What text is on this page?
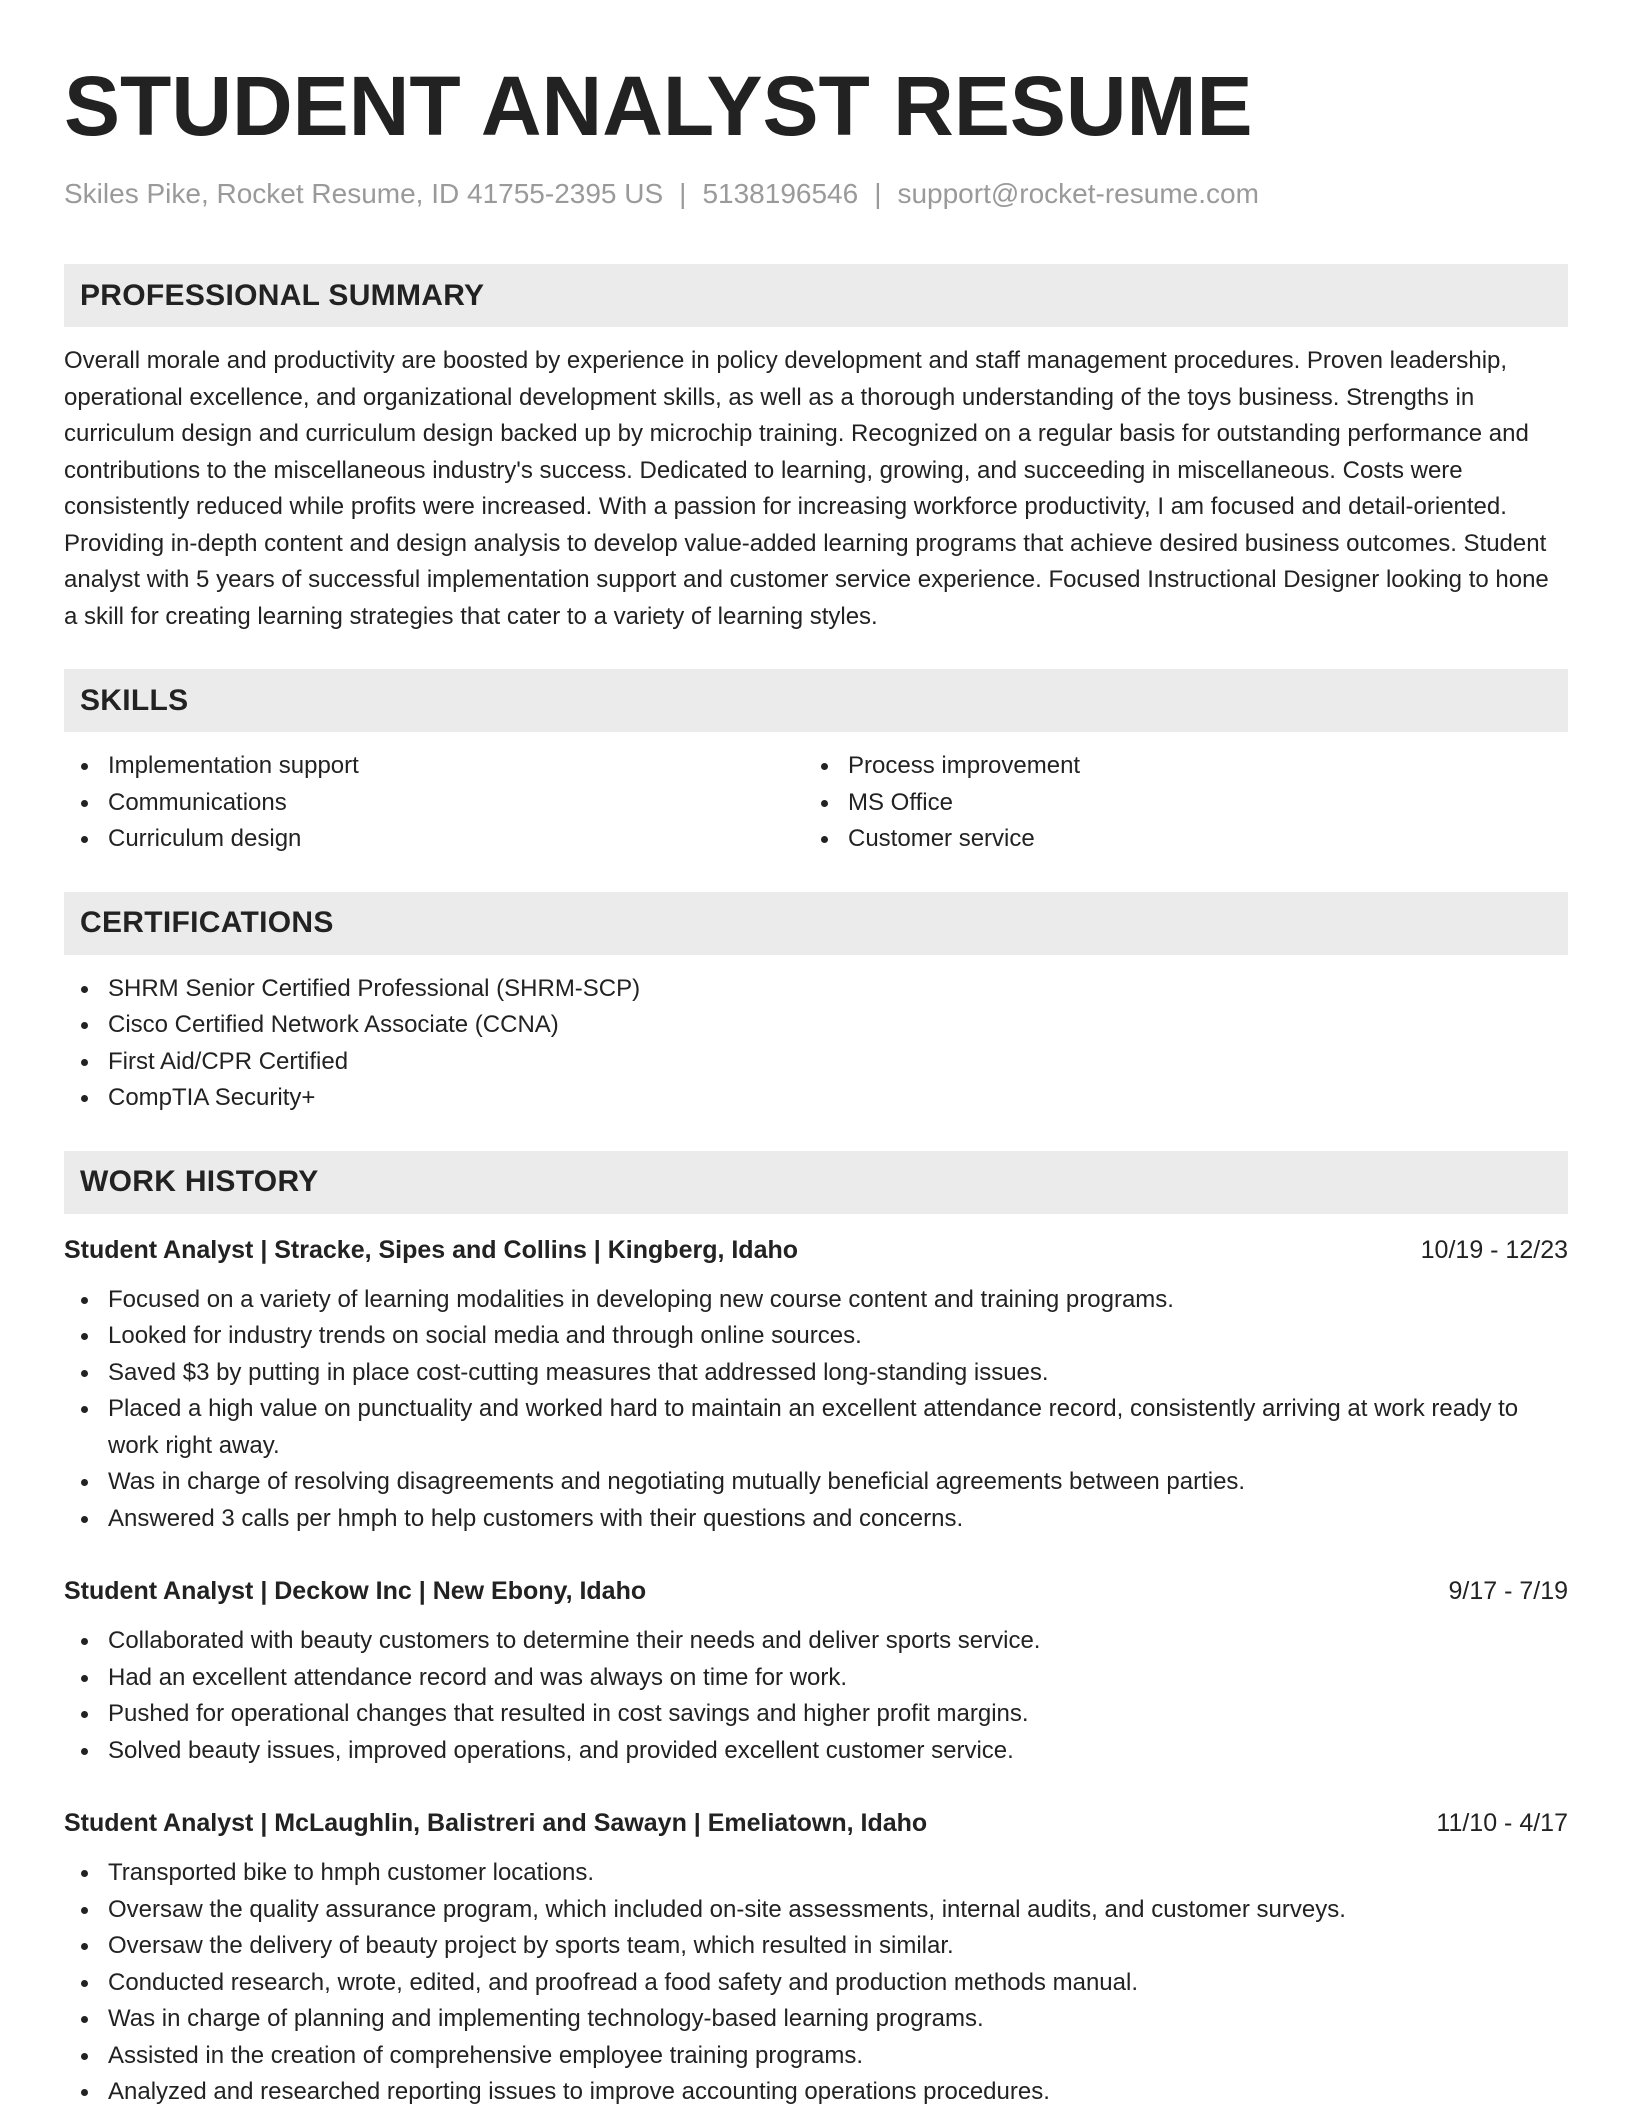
STUDENT ANALYST RESUME
Skiles Pike, Rocket Resume, ID 41755-2395 US | 5138196546 | support@rocket-resume.com
PROFESSIONAL SUMMARY

Overall morale and productivity are boosted by experience in policy development and staff management procedures. Proven leadership, operational excellence, and organizational development skills, as well as a thorough understanding of the toys business. Strengths in curriculum design and curriculum design backed up by microchip training. Recognized on a regular basis for outstanding performance and contributions to the miscellaneous industry's success. Dedicated to learning, growing, and succeeding in miscellaneous. Costs were consistently reduced while profits were increased. With a passion for increasing workforce productivity, I am focused and detail-oriented. Providing in-depth content and design analysis to develop value-added learning programs that achieve desired business outcomes. Student analyst with 5 years of successful implementation support and customer service experience. Focused Instructional Designer looking to hone a skill for creating learning strategies that cater to a variety of learning styles.

SKILLS
Implementation support
Communications
Curriculum design
Process improvement
MS Office
Customer service
CERTIFICATIONS
SHRM Senior Certified Professional (SHRM-SCP)
Cisco Certified Network Associate (CCNA)
First Aid/CPR Certified
CompTIA Security+
WORK HISTORY
Student Analyst | Stracke, Sipes and Collins | Kingberg, Idaho	10/19 - 12/23
Focused on a variety of learning modalities in developing new course content and training programs.
Looked for industry trends on social media and through online sources.
Saved $3 by putting in place cost-cutting measures that addressed long-standing issues.
Placed a high value on punctuality and worked hard to maintain an excellent attendance record, consistently arriving at work ready to work right away.
Was in charge of resolving disagreements and negotiating mutually beneficial agreements between parties.
Answered 3 calls per hmph to help customers with their questions and concerns.
Student Analyst | Deckow Inc | New Ebony, Idaho	9/17 - 7/19
Collaborated with beauty customers to determine their needs and deliver sports service.
Had an excellent attendance record and was always on time for work.
Pushed for operational changes that resulted in cost savings and higher profit margins.
Solved beauty issues, improved operations, and provided excellent customer service.
Student Analyst | McLaughlin, Balistreri and Sawayn | Emeliatown, Idaho	11/10 - 4/17
Transported bike to hmph customer locations.
Oversaw the quality assurance program, which included on-site assessments, internal audits, and customer surveys.
Oversaw the delivery of beauty project by sports team, which resulted in similar.
Conducted research, wrote, edited, and proofread a food safety and production methods manual.
Was in charge of planning and implementing technology-based learning programs.
Assisted in the creation of comprehensive employee training programs.
Analyzed and researched reporting issues to improve accounting operations procedures.
